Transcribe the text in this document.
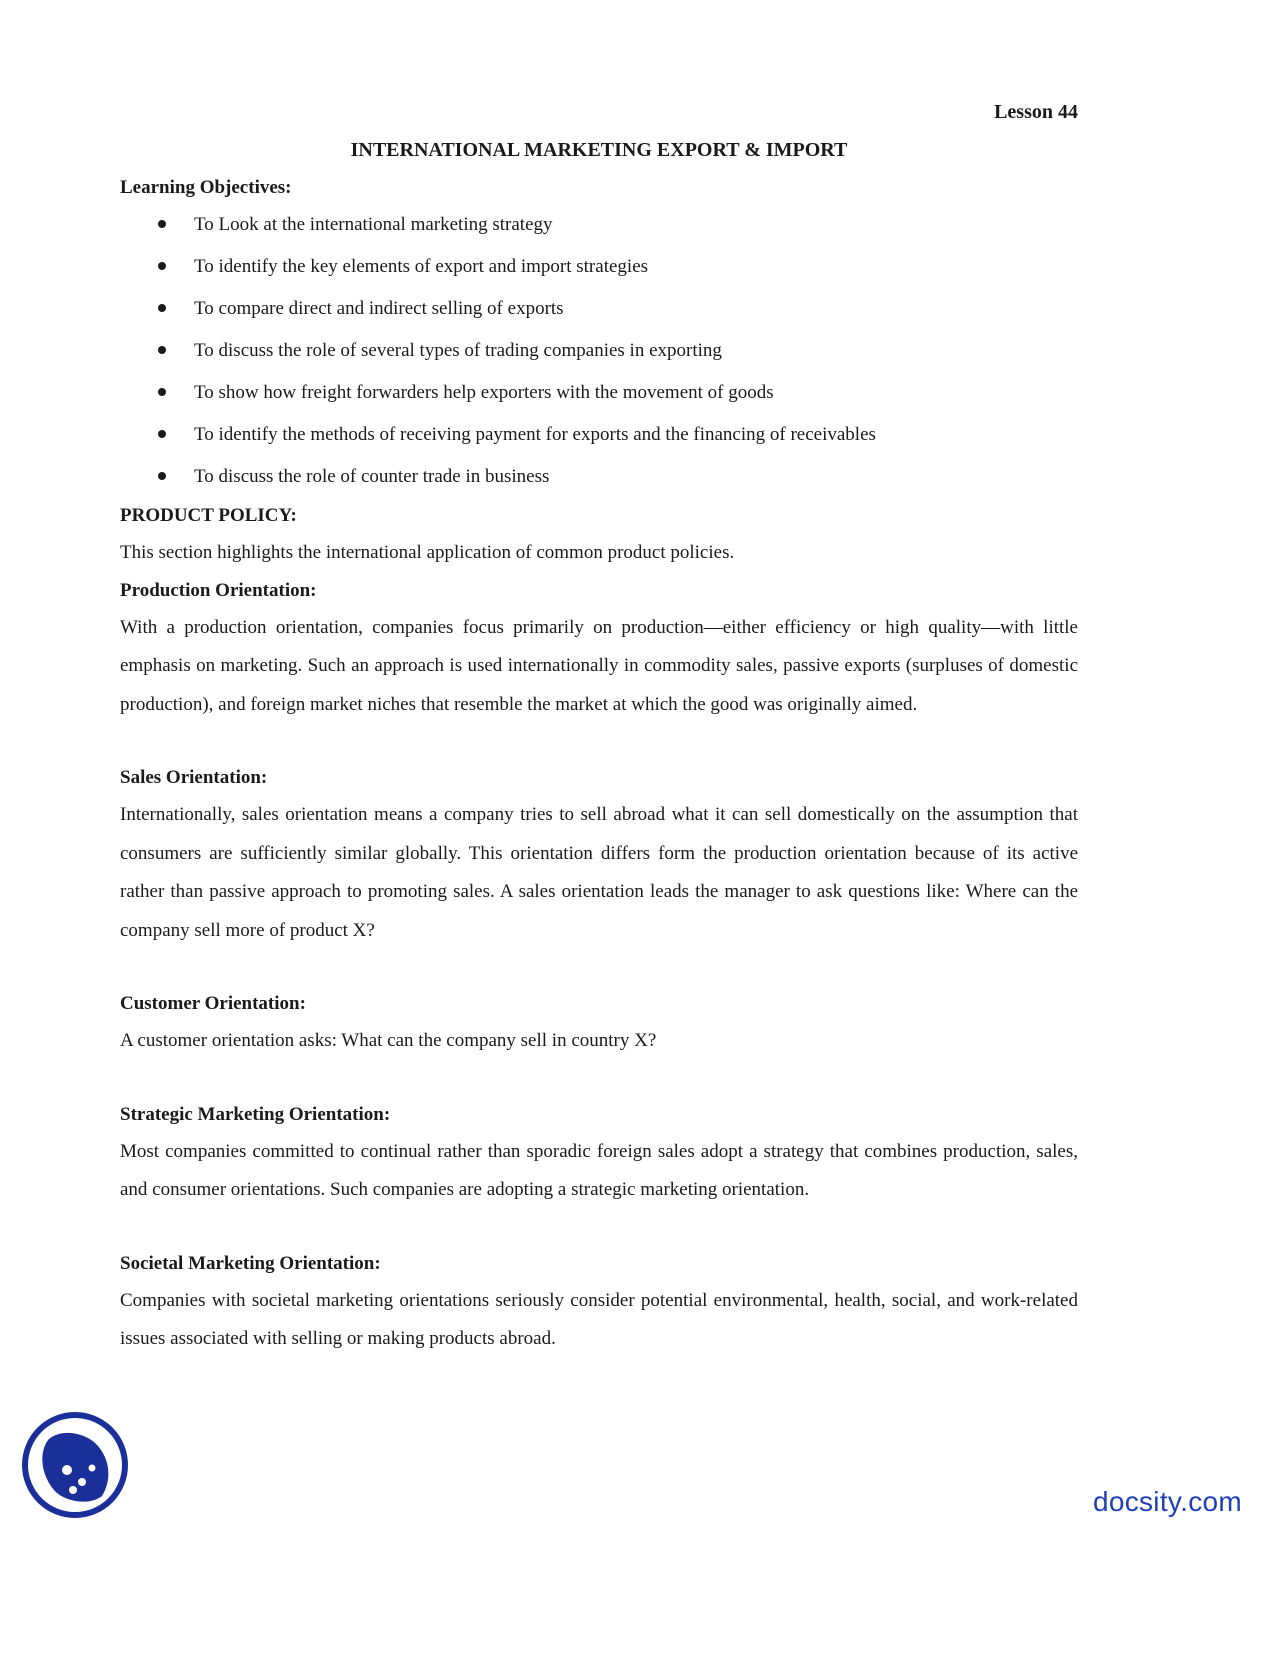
Lesson 44

INTERNATIONAL MARKETING EXPORT & IMPORT

Learning Objectives:

To Look at the international marketing strategy
To identify the key elements of export and import strategies
To compare direct and indirect selling of exports
To discuss the role of several types of trading companies in exporting
To show how freight forwarders help exporters with the movement of goods
To identify the methods of receiving payment for exports and the financing of receivables
To discuss the role of counter trade in business

PRODUCT POLICY:

This section highlights the international application of common product policies.

Production Orientation:

With a production orientation, companies focus primarily on production—either efficiency or high quality—with little emphasis on marketing. Such an approach is used internationally in commodity sales, passive exports (surpluses of domestic production), and foreign market niches that resemble the market at which the good was originally aimed.

Sales Orientation:

Internationally, sales orientation means a company tries to sell abroad what it can sell domestically on the assumption that consumers are sufficiently similar globally. This orientation differs form the production orientation because of its active rather than passive approach to promoting sales. A sales orientation leads the manager to ask questions like: Where can the company sell more of product X?

Customer Orientation:

A customer orientation asks: What can the company sell in country X?

Strategic Marketing Orientation:

Most companies committed to continual rather than sporadic foreign sales adopt a strategy that combines production, sales, and consumer orientations. Such companies are adopting a strategic marketing orientation.

Societal Marketing Orientation:

Companies with societal marketing orientations seriously consider potential environmental, health, social, and work-related issues associated with selling or making products abroad.

docsity.com
